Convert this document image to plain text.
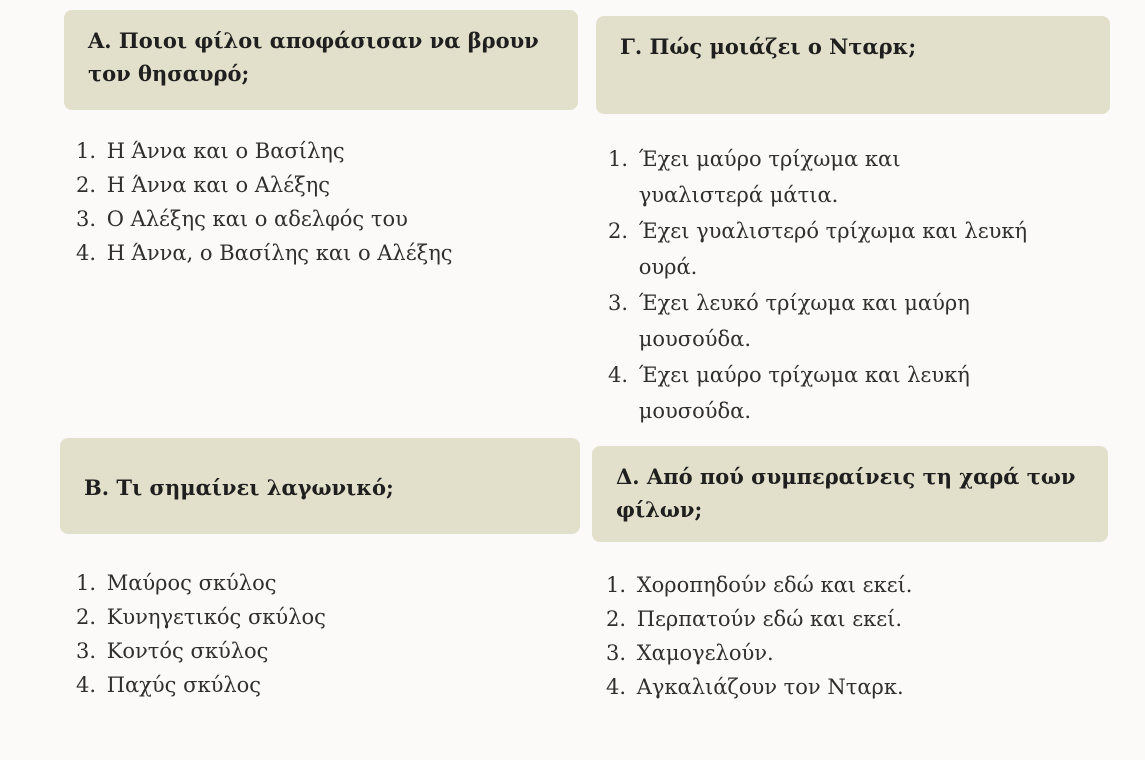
Α. Ποιοι φίλοι αποφάσισαν να βρουν τον θησαυρό;
1.
Η Άννα και ο Βασίλης
2.
Η Άννα και ο Αλέξης
3.
Ο Αλέξης και ο αδελφός του
4.
Η Άννα, ο Βασίλης και ο Αλέξης
Β. Τι σημαίνει λαγωνικό;
1.
Μαύρος σκύλος
2.
Κυνηγετικός σκύλος
3.
Κοντός σκύλος
4.
Παχύς σκύλος
Γ. Πώς μοιάζει ο Νταρκ;
1.
Έχει μαύρο τρίχωμα και γυαλιστερά μάτια.
2.
Έχει γυαλιστερό τρίχωμα και λευκή ουρά.
3.
Έχει λευκό τρίχωμα και μαύρη μουσούδα.
4.
Έχει μαύρο τρίχωμα και λευκή μουσούδα.
Δ. Από πού συμπεραίνεις τη χαρά των φίλων;
1.
Χοροπηδούν εδώ και εκεί.
2.
Περπατούν εδώ και εκεί.
3.
Χαμογελούν.
4.
Αγκαλιάζουν τον Νταρκ.
